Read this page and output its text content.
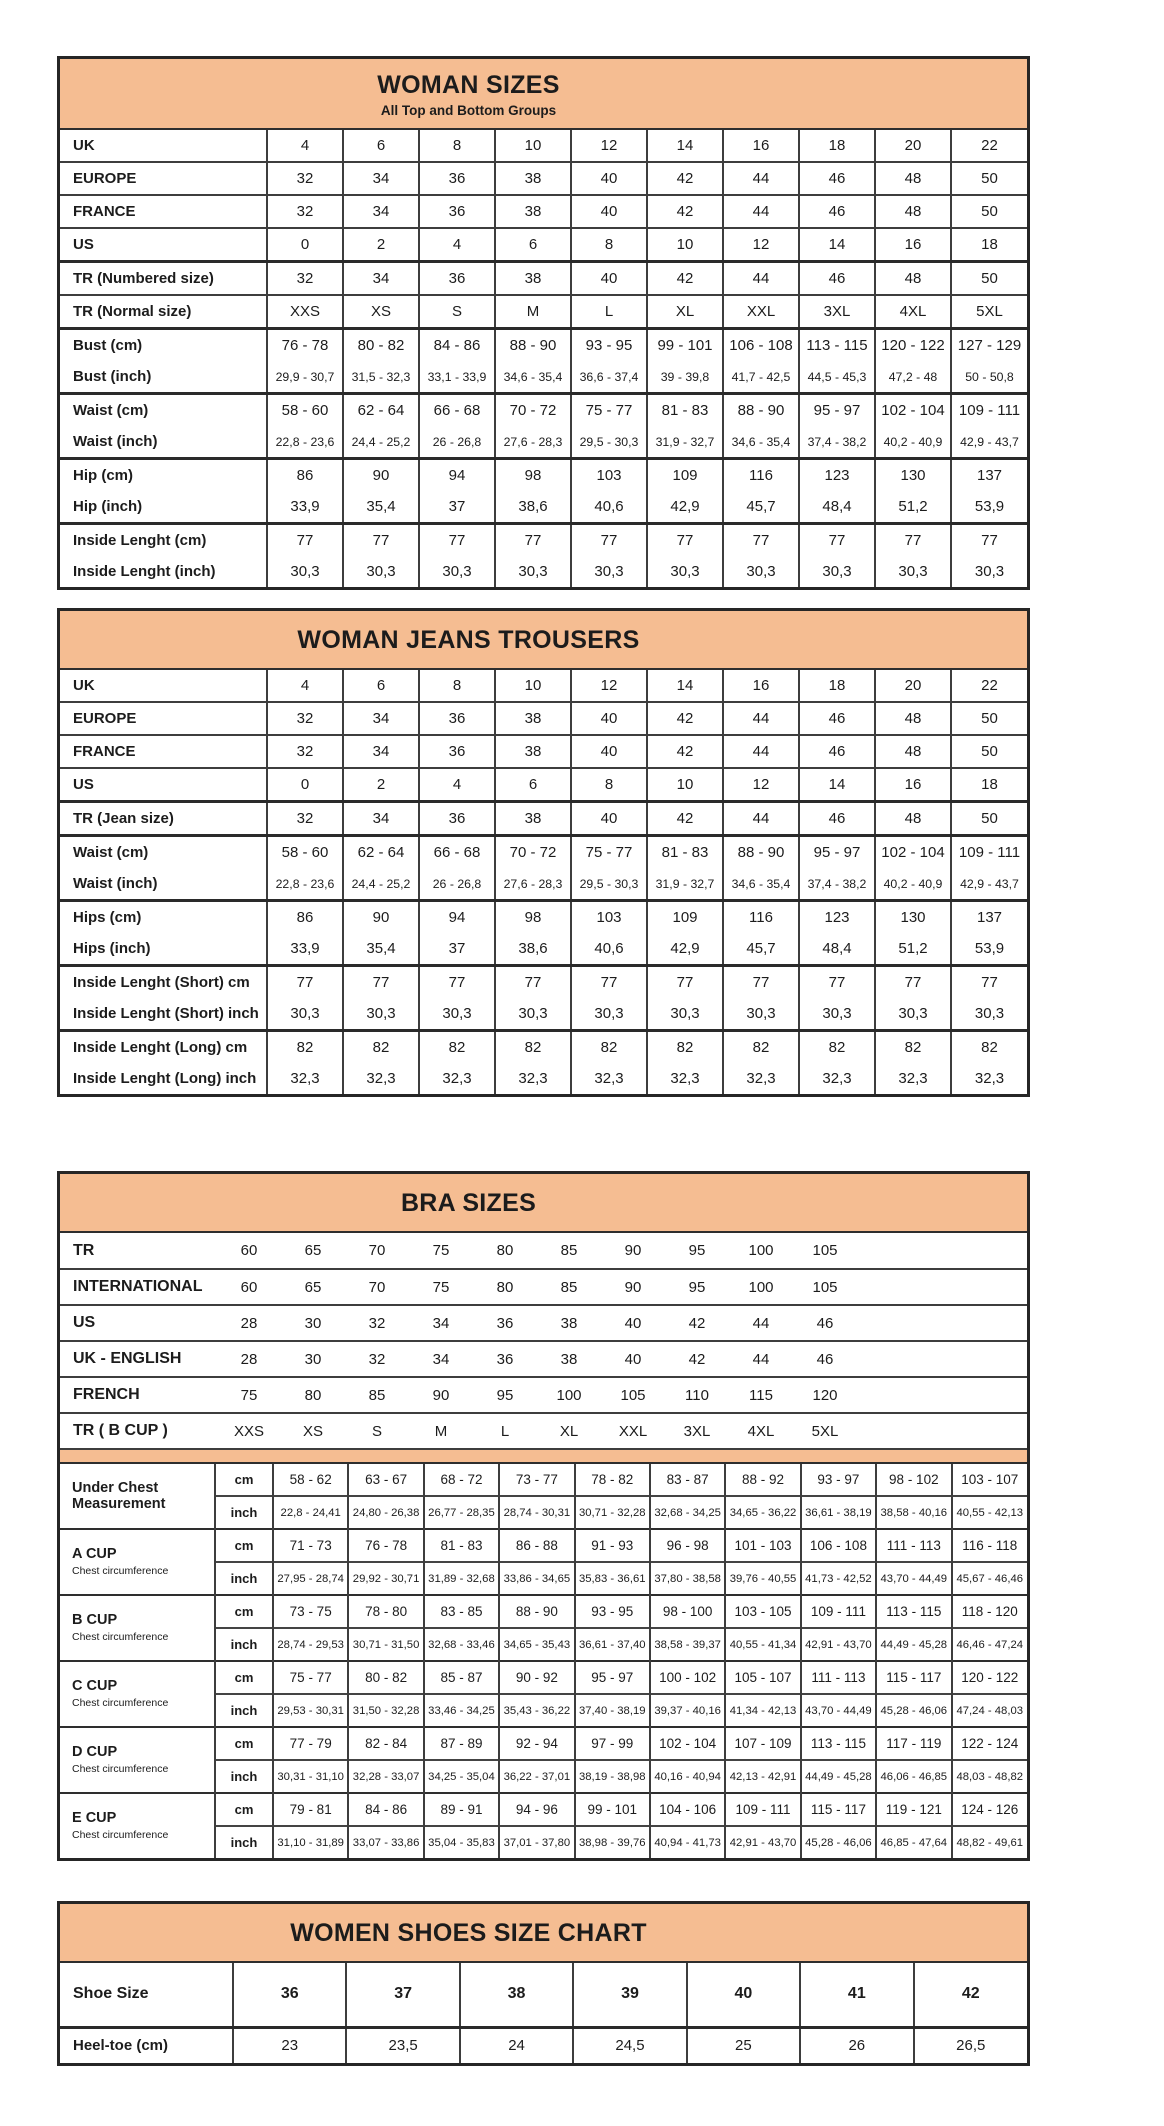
WOMAN SIZES
All Top and Bottom Groups
UK	4	6	8	10	12	14	16	18	20	22
EUROPE	32	34	36	38	40	42	44	46	48	50
FRANCE	32	34	36	38	40	42	44	46	48	50
US	0	2	4	6	8	10	12	14	16	18
TR (Numbered size)	32	34	36	38	40	42	44	46	48	50
TR (Normal size)	XXS	XS	S	M	L	XL	XXL	3XL	4XL	5XL
Bust (cm)	76 - 78	80 - 82	84 - 86	88 - 90	93 - 95	99 - 101	106 - 108	113 - 115	120 - 122	127 - 129
Bust (inch)	29,9 - 30,7	31,5 - 32,3	33,1 - 33,9	34,6 - 35,4	36,6 - 37,4	39 - 39,8	41,7 - 42,5	44,5 - 45,3	47,2 - 48	50 - 50,8
Waist (cm)	58 - 60	62 - 64	66 - 68	70 - 72	75 - 77	81 - 83	88 - 90	95 - 97	102 - 104	109 - 111
Waist (inch)	22,8 - 23,6	24,4 - 25,2	26 - 26,8	27,6 - 28,3	29,5 - 30,3	31,9 - 32,7	34,6 - 35,4	37,4 - 38,2	40,2 - 40,9	42,9 - 43,7
Hip (cm)	86	90	94	98	103	109	116	123	130	137
Hip (inch)	33,9	35,4	37	38,6	40,6	42,9	45,7	48,4	51,2	53,9
Inside Lenght (cm)	77	77	77	77	77	77	77	77	77	77
Inside Lenght (inch)	30,3	30,3	30,3	30,3	30,3	30,3	30,3	30,3	30,3	30,3
WOMAN JEANS TROUSERS
UK	4	6	8	10	12	14	16	18	20	22
EUROPE	32	34	36	38	40	42	44	46	48	50
FRANCE	32	34	36	38	40	42	44	46	48	50
US	0	2	4	6	8	10	12	14	16	18
TR (Jean size)	32	34	36	38	40	42	44	46	48	50
Waist (cm)	58 - 60	62 - 64	66 - 68	70 - 72	75 - 77	81 - 83	88 - 90	95 - 97	102 - 104	109 - 111
Waist (inch)	22,8 - 23,6	24,4 - 25,2	26 - 26,8	27,6 - 28,3	29,5 - 30,3	31,9 - 32,7	34,6 - 35,4	37,4 - 38,2	40,2 - 40,9	42,9 - 43,7
Hips (cm)	86	90	94	98	103	109	116	123	130	137
Hips (inch)	33,9	35,4	37	38,6	40,6	42,9	45,7	48,4	51,2	53,9
Inside Lenght (Short) cm	77	77	77	77	77	77	77	77	77	77
Inside Lenght (Short) inch	30,3	30,3	30,3	30,3	30,3	30,3	30,3	30,3	30,3	30,3
Inside Lenght (Long) cm	82	82	82	82	82	82	82	82	82	82
Inside Lenght (Long) inch	32,3	32,3	32,3	32,3	32,3	32,3	32,3	32,3	32,3	32,3
BRA SIZES
TR	60	65	70	75	80	85	90	95	100	105

INTERNATIONAL	60	65	70	75	80	85	90	95	100	105

US	28	30	32	34	36	38	40	42	44	46

UK - ENGLISH	28	30	32	34	36	38	40	42	44	46

FRENCH	75	80	85	90	95	100	105	110	115	120

TR ( B CUP )	XXS	XS	S	M	L	XL	XXL	3XL	4XL	5XL

Under Chest Measurement	cm	58 - 62	63 - 67	68 - 72	73 - 77	78 - 82	83 - 87	88 - 92	93 - 97	98 - 102	103 - 107
	inch	22,8 - 24,41	24,80 - 26,38	26,77 - 28,35	28,74 - 30,31	30,71 - 32,28	32,68 - 34,25	34,65 - 36,22	36,61 - 38,19	38,58 - 40,16	40,55 - 42,13

A CUP
Chest circumference	cm	71 - 73	76 - 78	81 - 83	86 - 88	91 - 93	96 - 98	101 - 103	106 - 108	111 - 113	116 - 118
	inch	27,95 - 28,74	29,92 - 30,71	31,89 - 32,68	33,86 - 34,65	35,83 - 36,61	37,80 - 38,58	39,76 - 40,55	41,73 - 42,52	43,70 - 44,49	45,67 - 46,46

B CUP
Chest circumference	cm	73 - 75	78 - 80	83 - 85	88 - 90	93 - 95	98 - 100	103 - 105	109 - 111	113 - 115	118 - 120
	inch	28,74 - 29,53	30,71 - 31,50	32,68 - 33,46	34,65 - 35,43	36,61 - 37,40	38,58 - 39,37	40,55 - 41,34	42,91 - 43,70	44,49 - 45,28	46,46 - 47,24

C CUP
Chest circumference	cm	75 - 77	80 - 82	85 - 87	90 - 92	95 - 97	100 - 102	105 - 107	111 - 113	115 - 117	120 - 122
	inch	29,53 - 30,31	31,50 - 32,28	33,46 - 34,25	35,43 - 36,22	37,40 - 38,19	39,37 - 40,16	41,34 - 42,13	43,70 - 44,49	45,28 - 46,06	47,24 - 48,03

D CUP
Chest circumference	cm	77 - 79	82 - 84	87 - 89	92 - 94	97 - 99	102 - 104	107 - 109	113 - 115	117 - 119	122 - 124
	inch	30,31 - 31,10	32,28 - 33,07	34,25 - 35,04	36,22 - 37,01	38,19 - 38,98	40,16 - 40,94	42,13 - 42,91	44,49 - 45,28	46,06 - 46,85	48,03 - 48,82

E CUP
Chest circumference	cm	79 - 81	84 - 86	89 - 91	94 - 96	99 - 101	104 - 106	109 - 111	115 - 117	119 - 121	124 - 126
	inch	31,10 - 31,89	33,07 - 33,86	35,04 - 35,83	37,01 - 37,80	38,98 - 39,76	40,94 - 41,73	42,91 - 43,70	45,28 - 46,06	46,85 - 47,64	48,82 - 49,61
WOMEN SHOES SIZE CHART
Shoe Size	36	37	38	39	40	41	42
Heel-toe (cm)	23	23,5	24	24,5	25	26	26,5
